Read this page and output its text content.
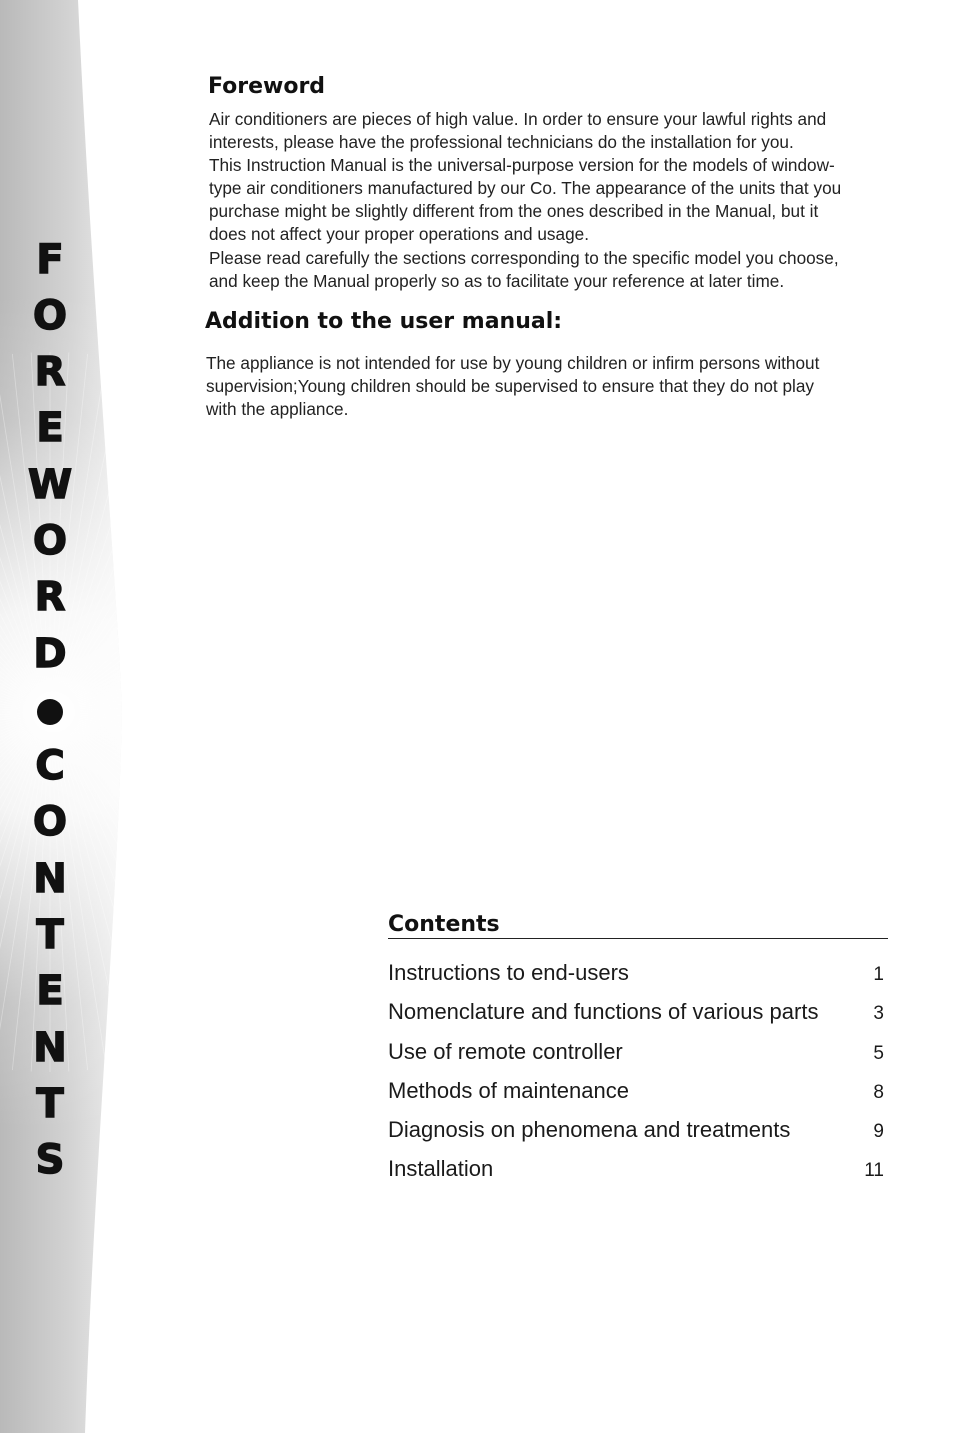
F
O
R
E
W
O
R
D
C
O
N
T
E
N
T
S
Foreword
Air conditioners are pieces of high value. In order to ensure your lawful rights and
interests, please have the professional technicians do the installation for you.
This Instruction Manual is the universal-purpose version for the models of window-
type air conditioners manufactured by our Co. The appearance of the units that you
purchase might be slightly different from the ones described in the Manual, but it
does not affect your proper operations and usage.
Please read carefully the sections corresponding to the specific model you choose,
and keep the Manual properly so as to facilitate your reference at later time.
Addition to the user manual:
The appliance is not intended for use by young children or infirm persons without
supervision;Young children should be supervised to ensure that they do not play
with the appliance.
Contents
Instructions to end-users	1
Nomenclature and functions of various parts	3
Use of remote controller	5
Methods of maintenance	8
Diagnosis on phenomena and treatments	9
Installation	11
